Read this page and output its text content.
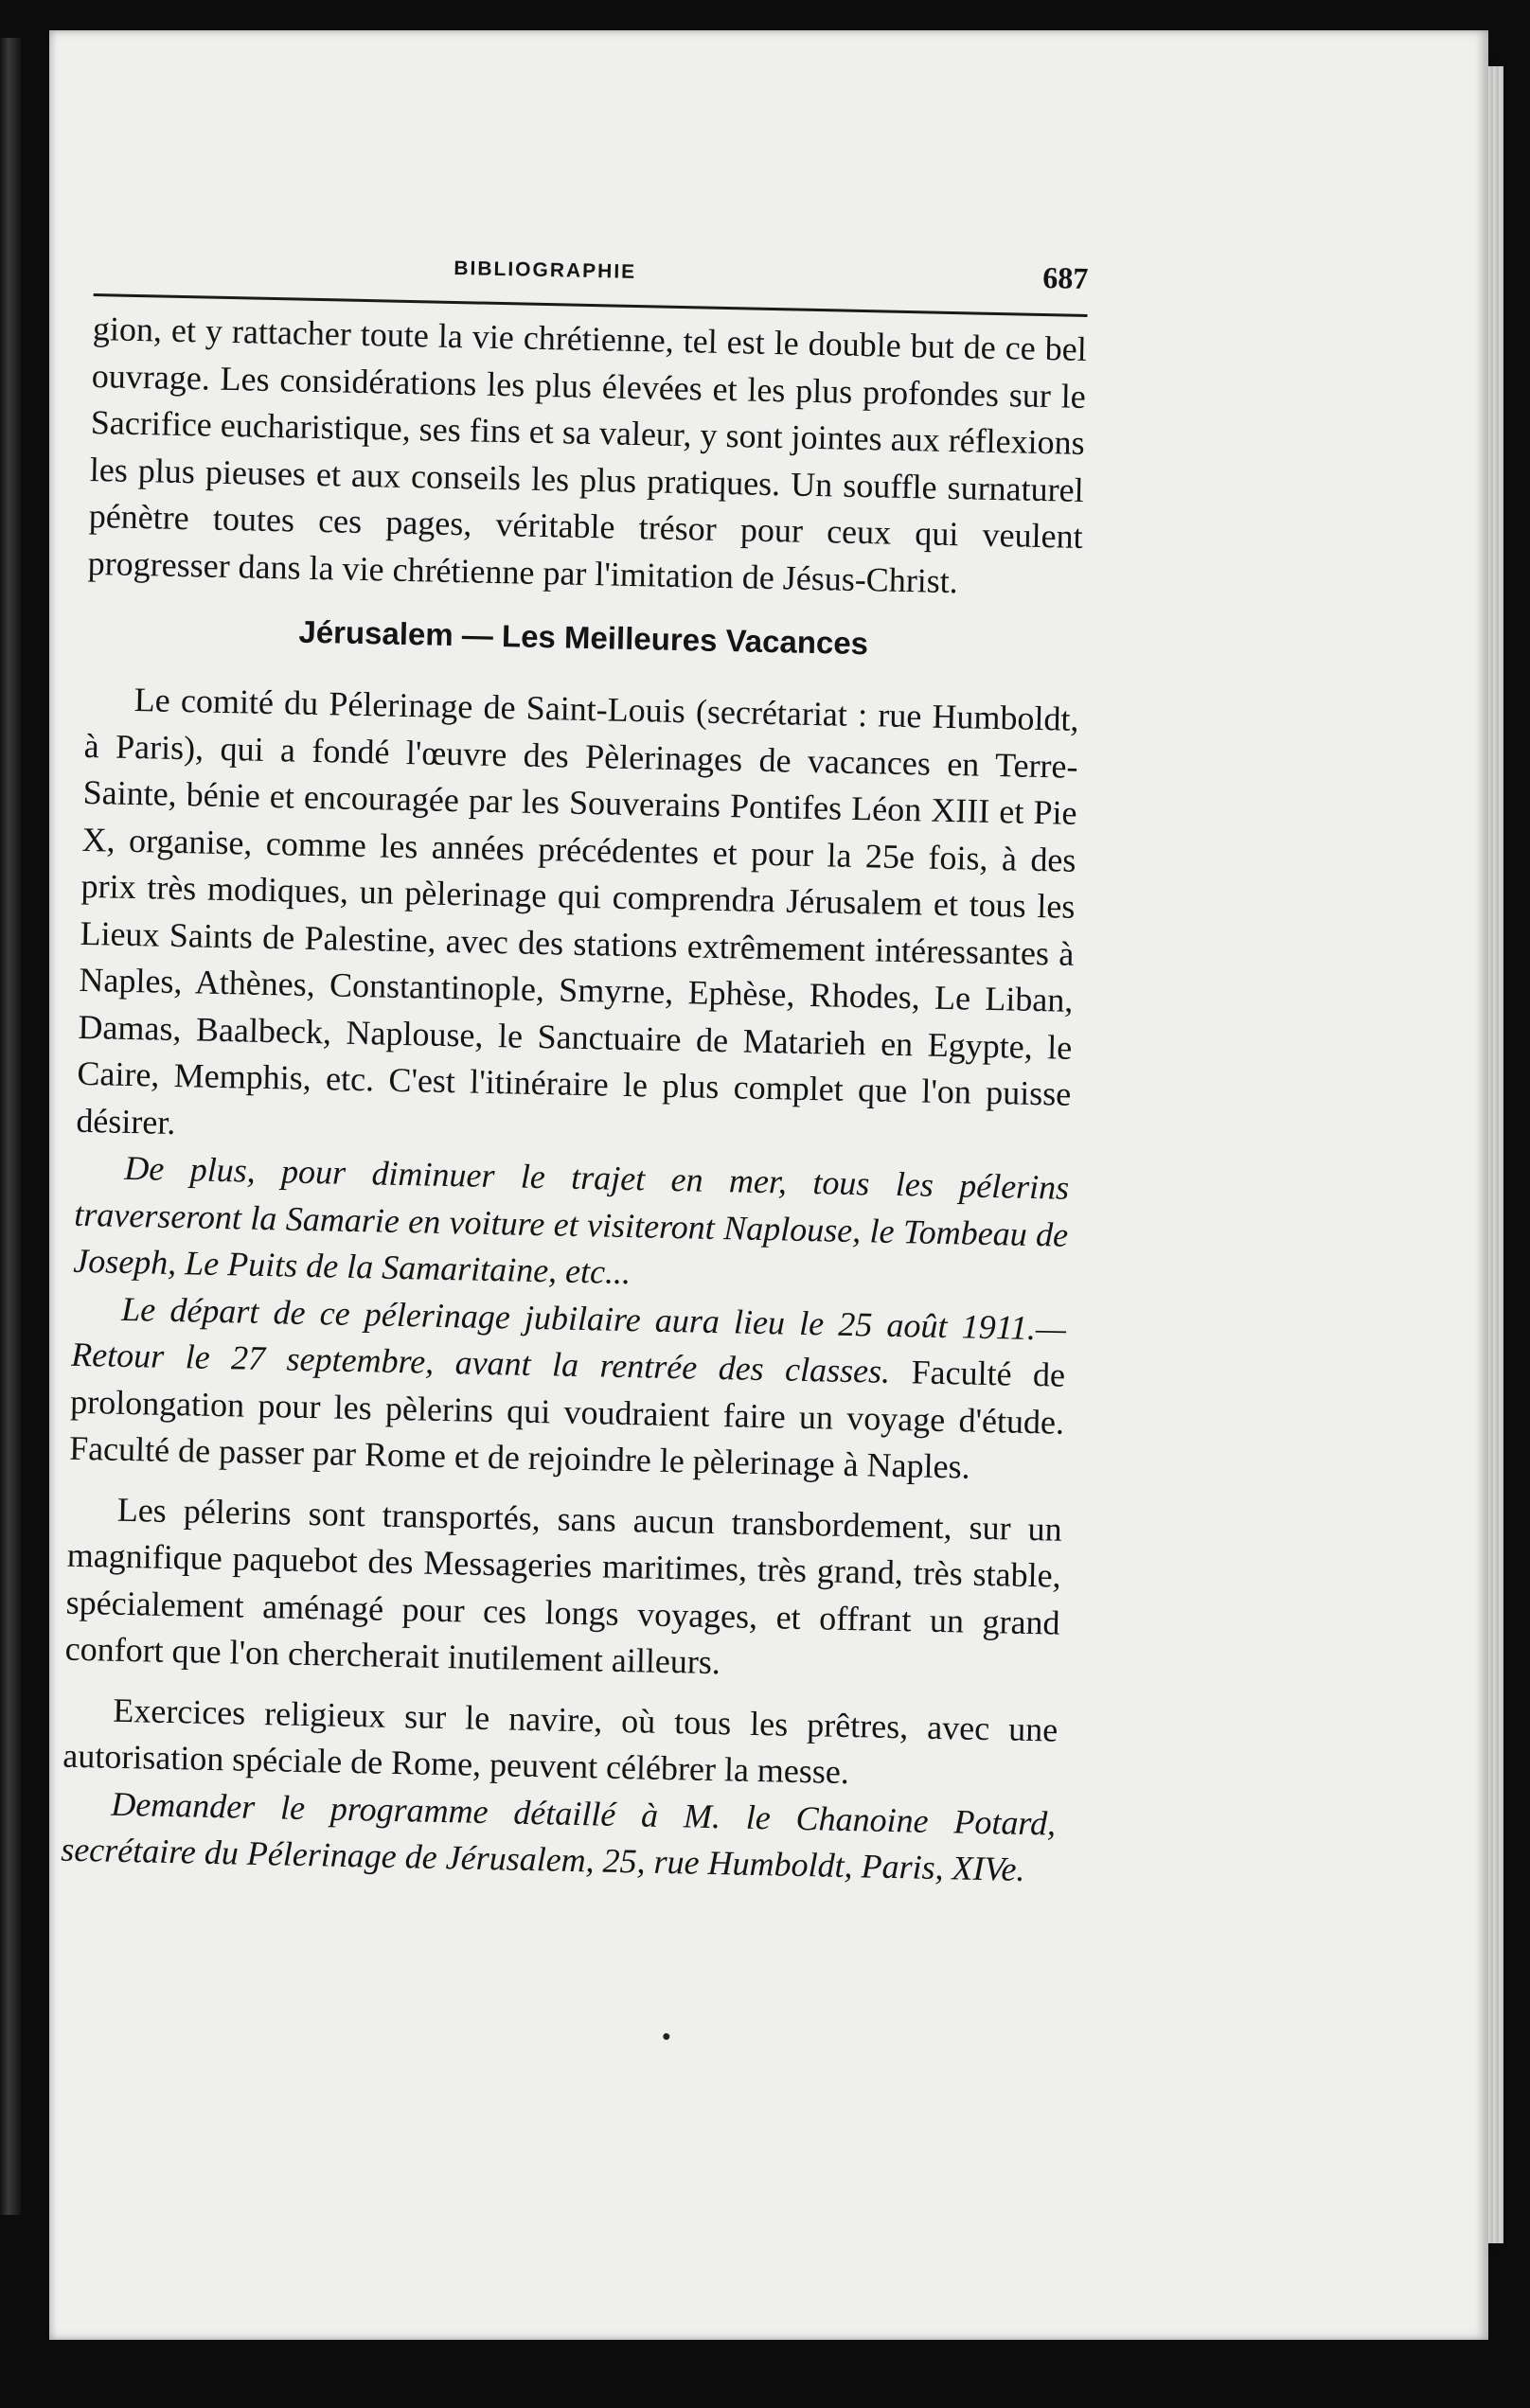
BIBLIOGRAPHIE	687

gion, et y rattacher toute la vie chrétienne, tel est le double but de ce bel ouvrage. Les considérations les plus élevées et les plus profondes sur le Sacrifice eucharistique, ses fins et sa valeur, y sont jointes aux réflexions les plus pieuses et aux conseils les plus pratiques. Un souffle surnaturel pénètre toutes ces pages, véritable trésor pour ceux qui veulent progresser dans la vie chrétienne par l'imitation de Jésus-Christ.

Jérusalem — Les Meilleures Vacances

Le comité du Pélerinage de Saint-Louis (secrétariat : rue Humboldt, à Paris), qui a fondé l'œuvre des Pèlerinages de vacances en Terre-Sainte, bénie et encouragée par les Souverains Pontifes Léon XIII et Pie X, organise, comme les années précédentes et pour la 25e fois, à des prix très modiques, un pèlerinage qui comprendra Jérusalem et tous les Lieux Saints de Palestine, avec des stations extrêmement intéressantes à Naples, Athènes, Constantinople, Smyrne, Ephèse, Rhodes, Le Liban, Damas, Baalbeck, Naplouse, le Sanctuaire de Matarieh en Egypte, le Caire, Memphis, etc. C'est l'itinéraire le plus complet que l'on puisse désirer.

De plus, pour diminuer le trajet en mer, tous les pélerins traverseront la Samarie en voiture et visiteront Naplouse, le Tombeau de Joseph, Le Puits de la Samaritaine, etc...

Le départ de ce pélerinage jubilaire aura lieu le 25 août 1911.— Retour le 27 septembre, avant la rentrée des classes. Faculté de prolongation pour les pèlerins qui voudraient faire un voyage d'étude. Faculté de passer par Rome et de rejoindre le pèlerinage à Naples.

Les pélerins sont transportés, sans aucun transbordement, sur un magnifique paquebot des Messageries maritimes, très grand, très stable, spécialement aménagé pour ces longs voyages, et offrant un grand confort que l'on chercherait inutilement ailleurs.

Exercices religieux sur le navire, où tous les prêtres, avec une autorisation spéciale de Rome, peuvent célébrer la messe.

Demander le programme détaillé à M. le Chanoine Potard, secrétaire du Pélerinage de Jérusalem, 25, rue Humboldt, Paris, XIVe.
